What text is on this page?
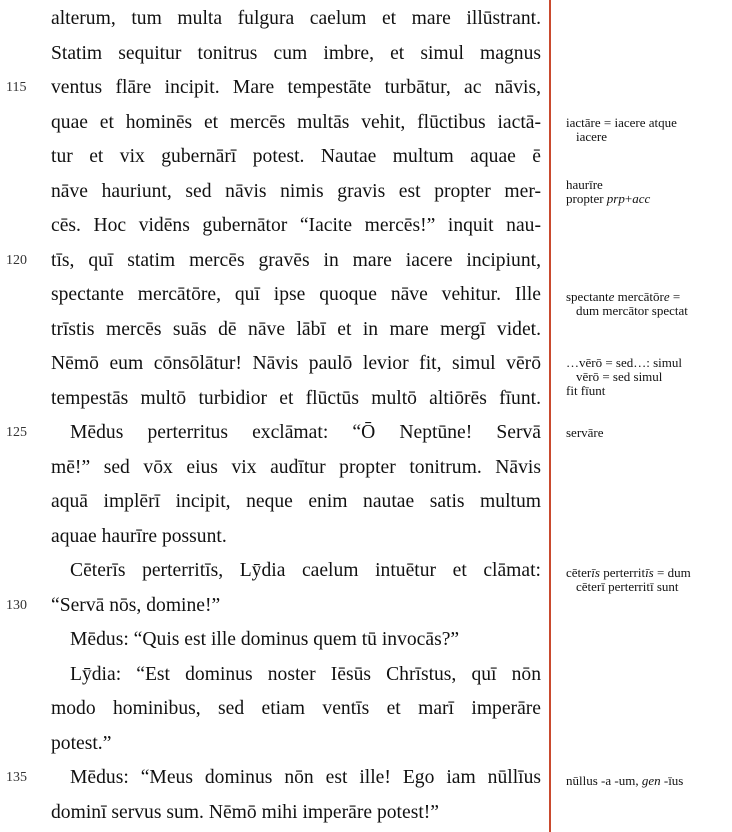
alterum, tum multa fulgura caelum et mare illūstrant.
Statim sequitur tonitrus cum imbre, et simul magnus
115	ventus flāre incipit. Mare tempestāte turbātur, ac nāvis,
quae et hominēs et mercēs multās vehit, flūctibus iactā-
tur et vix gubernārī potest. Nautae multum aquae ē
nāve hauriunt, sed nāvis nimis gravis est propter mer-
cēs. Hoc vidēns gubernātor “Iacite mercēs!” inquit nau-
120	tīs, quī statim mercēs gravēs in mare iacere incipiunt,
spectante mercātōre, quī ipse quoque nāve vehitur. Ille
trīstis mercēs suās dē nāve lābī et in mare mergī videt.
Nēmō eum cōnsōlātur! Nāvis paulō levior fit, simul vērō
tempestās multō turbidior et flūctūs multō altiōrēs fīunt.
125	Mēdus perterritus exclāmat: “Ō Neptūne! Servā
mē!” sed vōx eius vix audītur propter tonitrum. Nāvis
aquā implērī incipit, neque enim nautae satis multum
aquae haurīre possunt.
Cēterīs perterritīs, Lȳdia caelum intuētur et clāmat:
130	“Servā nōs, domine!”
Mēdus: “Quis est ille dominus quem tū invocās?”
Lȳdia: “Est dominus noster Iēsūs Chrīstus, quī nōn
modo hominibus, sed etiam ventīs et marī imperāre
potest.”
135	Mēdus: “Meus dominus nōn est ille! Ego iam nūllīus
dominī servus sum. Nēmō mihi imperāre potest!”
iactāre = iacere atque
iacere
haurīre
propter prp+acc
spectante mercātōre =
dum mercātor spectat
…vērō = sed…: simul
vērō = sed simul
fit fīunt
servāre
cēterīs perterritīs = dum
cēterī perterritī sunt
nūllus -a -um, gen -īus
